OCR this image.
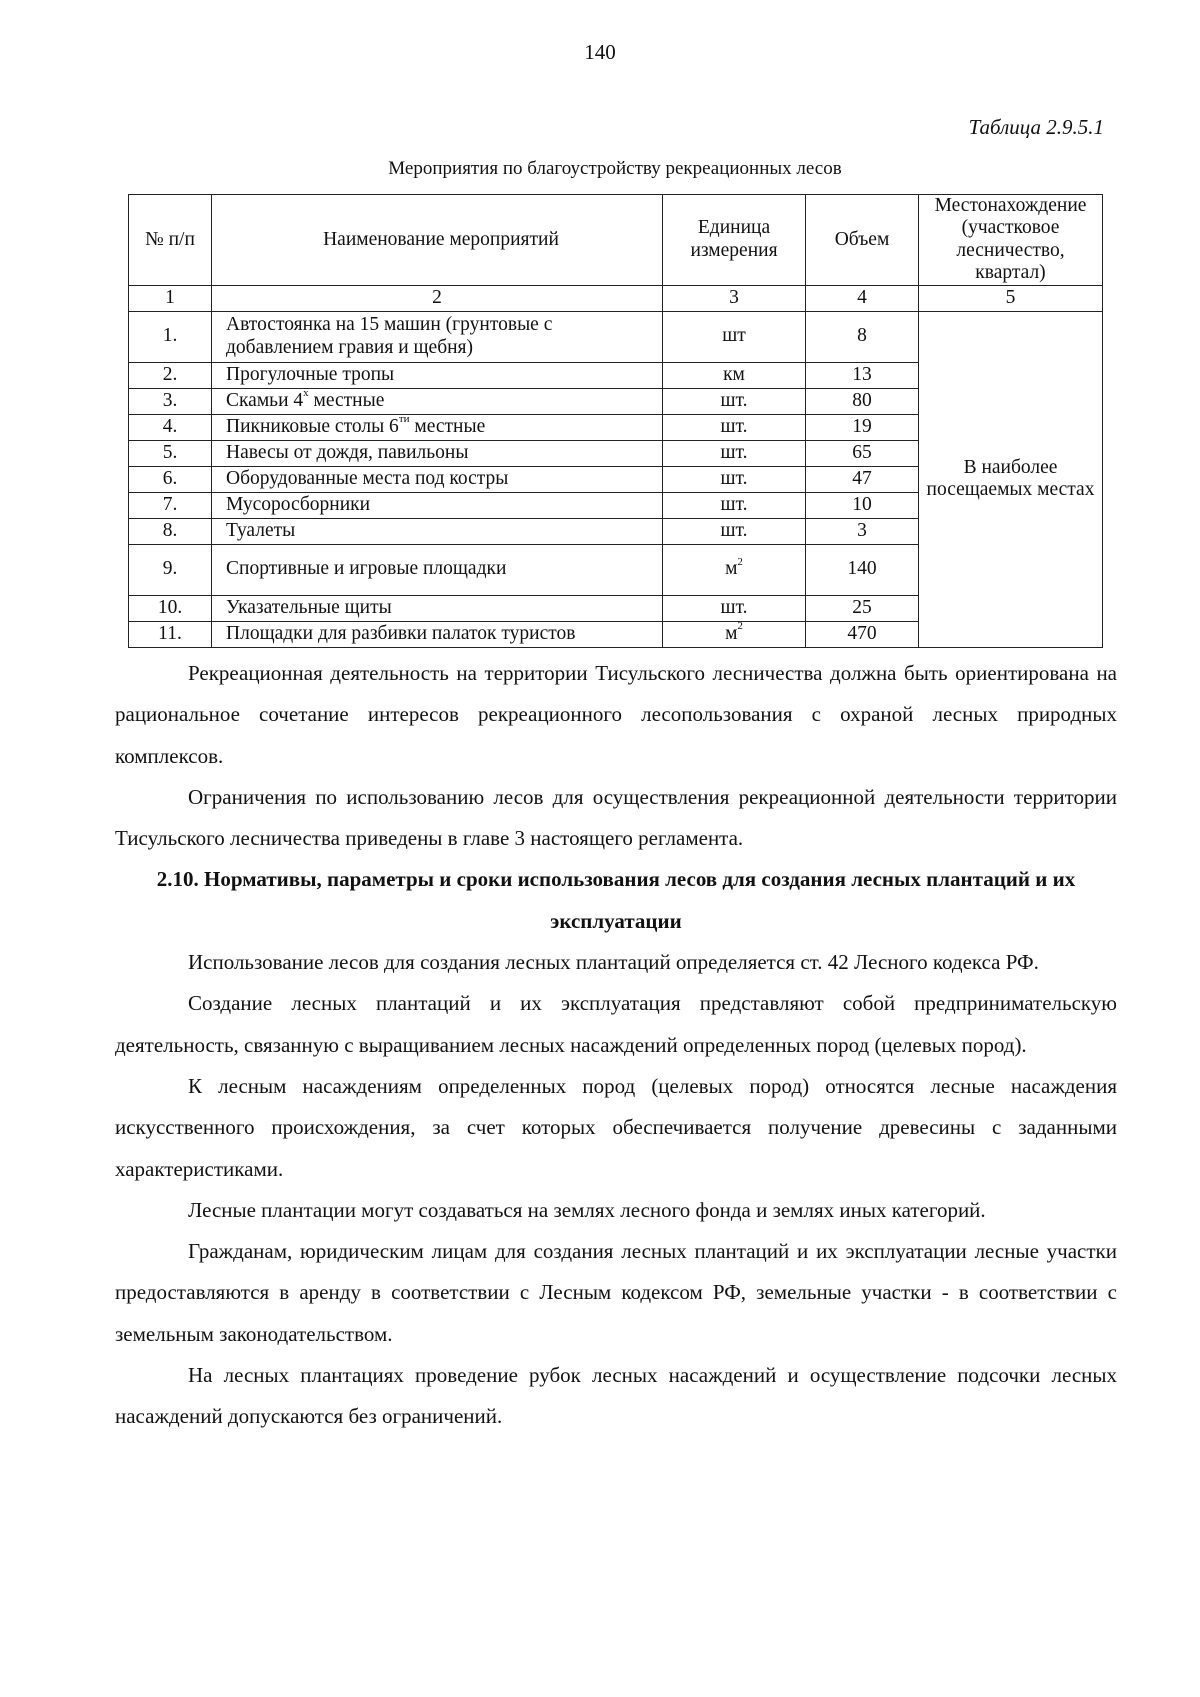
140
Таблица 2.9.5.1
Мероприятия по благоустройству рекреационных лесов
№ п/п	Наименование мероприятий	Единица измерения	Объем	Местонахождение (участковое лесничество, квартал)
1	2	3	4	5
1.	Автостоянка на 15 машин (грунтовые с добавлением гравия и щебня)	шт	8	В наиболее посещаемых местах
2.	Прогулочные тропы	км	13	
3.	Скамьи $4^х$ местные	шт.	80	
4.	Пикниковые столы $6^{ти}$ местные	шт.	19	
5.	Навесы от дождя, павильоны	шт.	65	
6.	Оборудованные места под костры	шт.	47	
7.	Мусоросборники	шт.	10	
8.	Туалеты	шт.	3	
9.	Спортивные и игровые площадки	$м^2$	140	
10.	Указательные щиты	шт.	25	
11.	Площадки для разбивки палаток туристов	$м^2$	470	

Рекреационная деятельность на территории Тисульского лесничества должна быть ориентирована на рациональное сочетание интересов рекреационного лесопользования с охраной лесных природных комплексов.

Ограничения по использованию лесов для осуществления рекреационной деятельности территории Тисульского лесничества приведены в главе 3 настоящего регламента.

2.10. Нормативы, параметры и сроки использования лесов для создания лесных плантаций и их эксплуатации

Использование лесов для создания лесных плантаций определяется ст. 42 Лесного кодекса РФ.

Создание лесных плантаций и их эксплуатация представляют собой предпринимательскую деятельность, связанную с выращиванием лесных насаждений определенных пород (целевых пород).

К лесным насаждениям определенных пород (целевых пород) относятся лесные насаждения искусственного происхождения, за счет которых обеспечивается получение древесины с заданными характеристиками.

Лесные плантации могут создаваться на землях лесного фонда и землях иных категорий.

Гражданам, юридическим лицам для создания лесных плантаций и их эксплуатации лесные участки предоставляются в аренду в соответствии с Лесным кодексом РФ, земельные участки - в соответствии с земельным законодательством.

На лесных плантациях проведение рубок лесных насаждений и осуществление подсочки лесных насаждений допускаются без ограничений.
